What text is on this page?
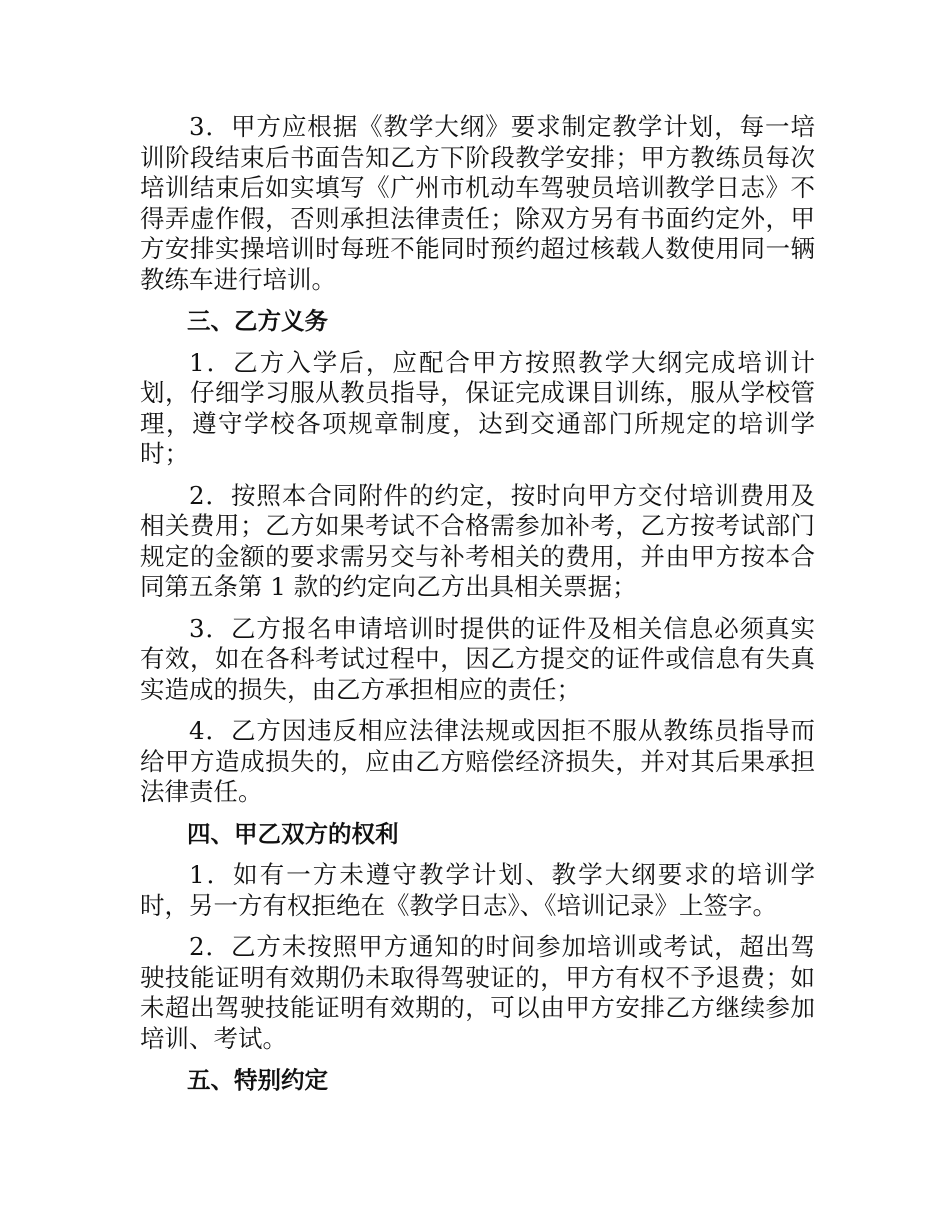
3．甲方应根据《教学大纲》要求制定教学计划，每一培训阶段结束后书面告知乙方下阶段教学安排；甲方教练员每次培训结束后如实填写《广州市机动车驾驶员培训教学日志》不得弄虚作假，否则承担法律责任；除双方另有书面约定外，甲方安排实操培训时每班不能同时预约超过核载人数使用同一辆教练车进行培训。

三、乙方义务

1．乙方入学后，应配合甲方按照教学大纲完成培训计划，仔细学习服从教员指导，保证完成课目训练，服从学校管理，遵守学校各项规章制度，达到交通部门所规定的培训学时；

2．按照本合同附件的约定，按时向甲方交付培训费用及相关费用；乙方如果考试不合格需参加补考，乙方按考试部门规定的金额的要求需另交与补考相关的费用，并由甲方按本合同第五条第 1 款的约定向乙方出具相关票据；

3．乙方报名申请培训时提供的证件及相关信息必须真实有效，如在各科考试过程中，因乙方提交的证件或信息有失真实造成的损失，由乙方承担相应的责任；

4．乙方因违反相应法律法规或因拒不服从教练员指导而给甲方造成损失的，应由乙方赔偿经济损失，并对其后果承担法律责任。

四、甲乙双方的权利

1．如有一方未遵守教学计划、教学大纲要求的培训学时，另一方有权拒绝在《教学日志》、《培训记录》上签字。

2．乙方未按照甲方通知的时间参加培训或考试，超出驾驶技能证明有效期仍未取得驾驶证的，甲方有权不予退费；如未超出驾驶技能证明有效期的，可以由甲方安排乙方继续参加培训、考试。

五、特别约定
